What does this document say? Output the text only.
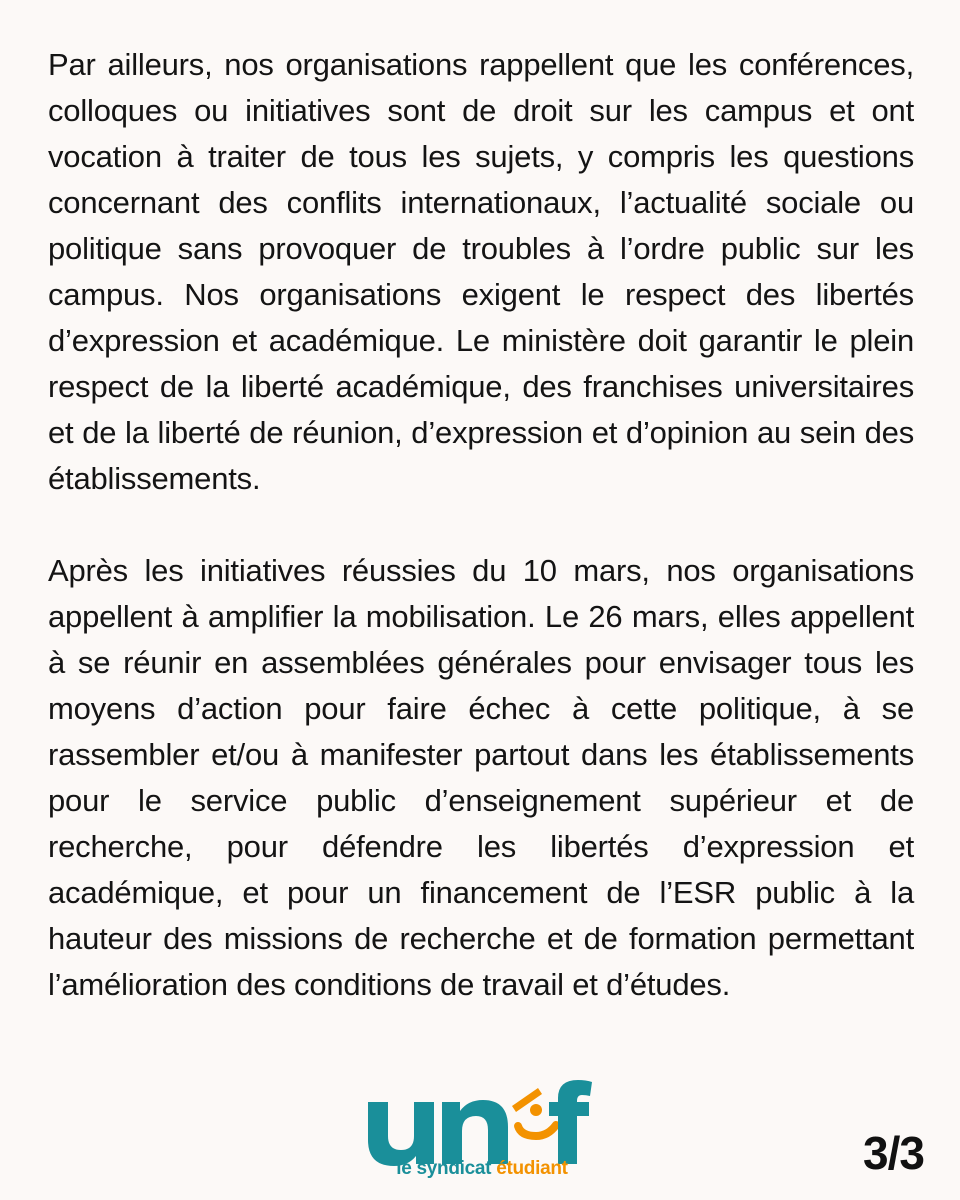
Par ailleurs, nos organisations rappellent que les conférences, colloques ou initiatives sont de droit sur les campus et ont vocation à traiter de tous les sujets, y compris les questions concernant des conflits internationaux, l’actualité sociale ou politique sans provoquer de troubles à l’ordre public sur les campus. Nos organisations exigent le respect des libertés d’expression et académique. Le ministère doit garantir le plein respect de la liberté académique, des franchises universitaires et de la liberté de réunion, d’expression et d’opinion au sein des établissements.

Après les initiatives réussies du 10 mars, nos organisations appellent à amplifier la mobilisation. Le 26 mars, elles appellent à se réunir en assemblées générales pour envisager tous les moyens d’action pour faire échec à cette politique, à se rassembler et/ou à manifester partout dans les établissements pour le service public d’enseignement supérieur et de recherche, pour défendre les libertés d’expression et académique, et pour un financement de l’ESR public à la hauteur des missions de recherche et de formation permettant l’amélioration des conditions de travail et d’études.

le syndicat étudiant	3/3
